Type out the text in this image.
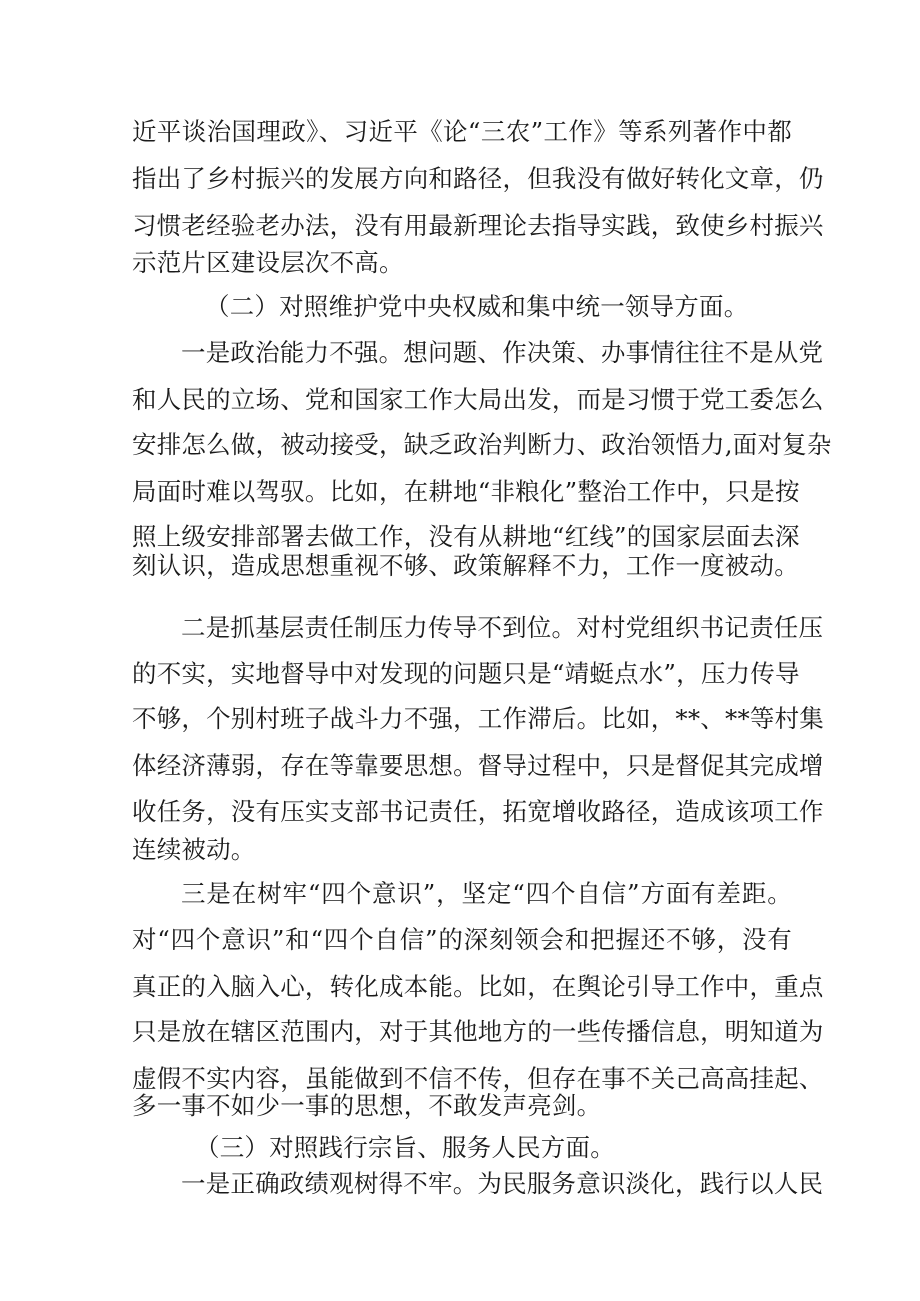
近平谈治国理政》、习近平《论“三农”工作》等系列著作中都
指出了乡村振兴的发展方向和路径，但我没有做好转化文章，仍
习惯老经验老办法，没有用最新理论去指导实践，致使乡村振兴
示范片区建设层次不高。
（二）对照维护党中央权威和集中统一领导方面。
一是政治能力不强。想问题、作决策、办事情往往不是从党
和人民的立场、党和国家工作大局出发，而是习惯于党工委怎么
安排怎么做，被动接受，缺乏政治判断力、政治领悟力,面对复杂
局面时难以驾驭。比如，在耕地“非粮化”整治工作中，只是按
照上级安排部署去做工作，没有从耕地“红线”的国家层面去深
刻认识，造成思想重视不够、政策解释不力，工作一度被动。
二是抓基层责任制压力传导不到位。对村党组织书记责任压
的不实，实地督导中对发现的问题只是“靖蜓点水”，压力传导
不够，个别村班子战斗力不强，工作滞后。比如，**、**等村集
体经济薄弱，存在等靠要思想。督导过程中，只是督促其完成增
收任务，没有压实支部书记责任，拓宽增收路径，造成该项工作
连续被动。
三是在树牢“四个意识”，坚定“四个自信”方面有差距。
对“四个意识”和“四个自信”的深刻领会和把握还不够，没有
真正的入脑入心，转化成本能。比如，在舆论引导工作中，重点
只是放在辖区范围内，对于其他地方的一些传播信息，明知道为
虚假不实内容，虽能做到不信不传，但存在事不关己高高挂起、
多一事不如少一事的思想，不敢发声亮剑。
（三）对照践行宗旨、服务人民方面。
一是正确政绩观树得不牢。为民服务意识淡化，践行以人民
